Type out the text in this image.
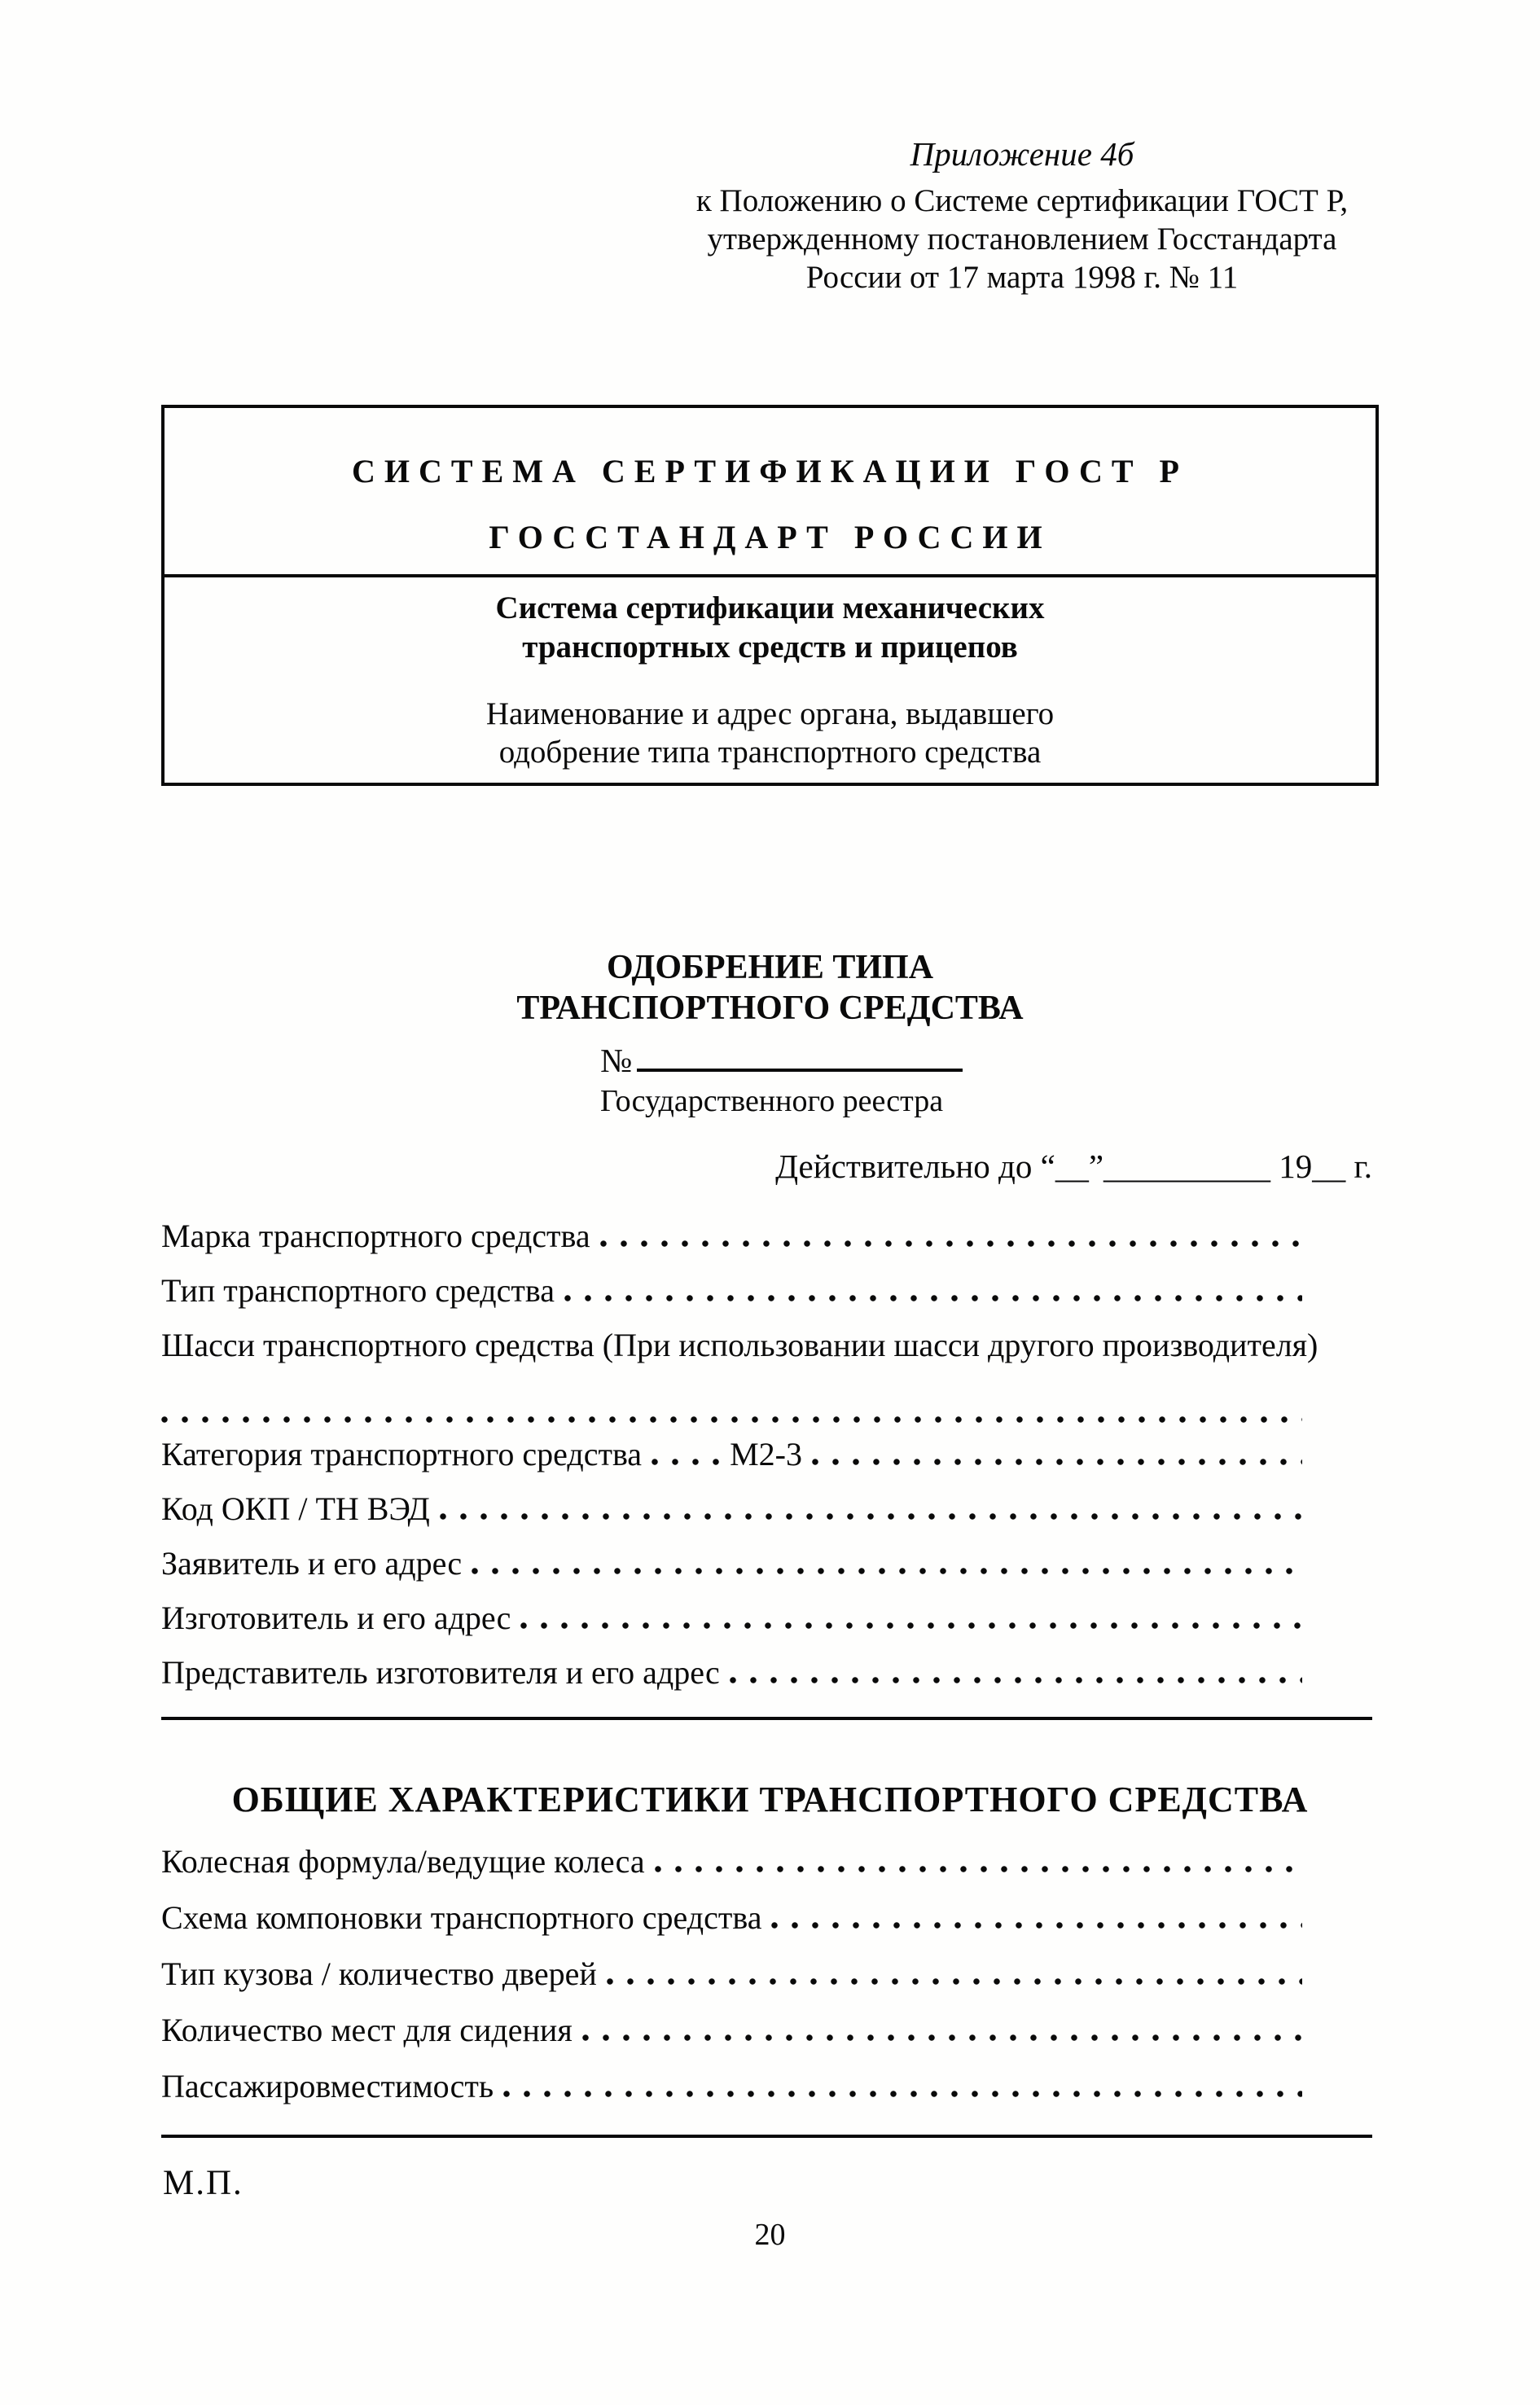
Приложение 4б
к Положению о Системе сертификации ГОСТ Р,
утвержденному постановлением Госстандарта
России от 17 марта 1998 г. № 11
СИСТЕМА СЕРТИФИКАЦИИ ГОСТ Р
ГОССТАНДАРТ РОССИИ
Система сертификации механических
транспортных средств и прицепов
Наименование и адрес органа, выдавшего
одобрение типа транспортного средства
ОДОБРЕНИЕ ТИПА
ТРАНСПОРТНОГО СРЕДСТВА
№
Государственного реестра
Действительно до “__”__________ 19__ г.
Марка транспортного средства
Тип транспортного средства
Шасси транспортного средства (При использовании шасси другого производителя)
Категория транспортного средства	М2-3
Код ОКП / ТН ВЭД
Заявитель и его адрес
Изготовитель и его адрес
Представитель изготовителя и его адрес
ОБЩИЕ ХАРАКТЕРИСТИКИ ТРАНСПОРТНОГО СРЕДСТВА
Колесная формула/ведущие колеса
Схема компоновки транспортного средства
Тип кузова / количество дверей
Количество мест для сидения
Пассажировместимость
М.П.
20
